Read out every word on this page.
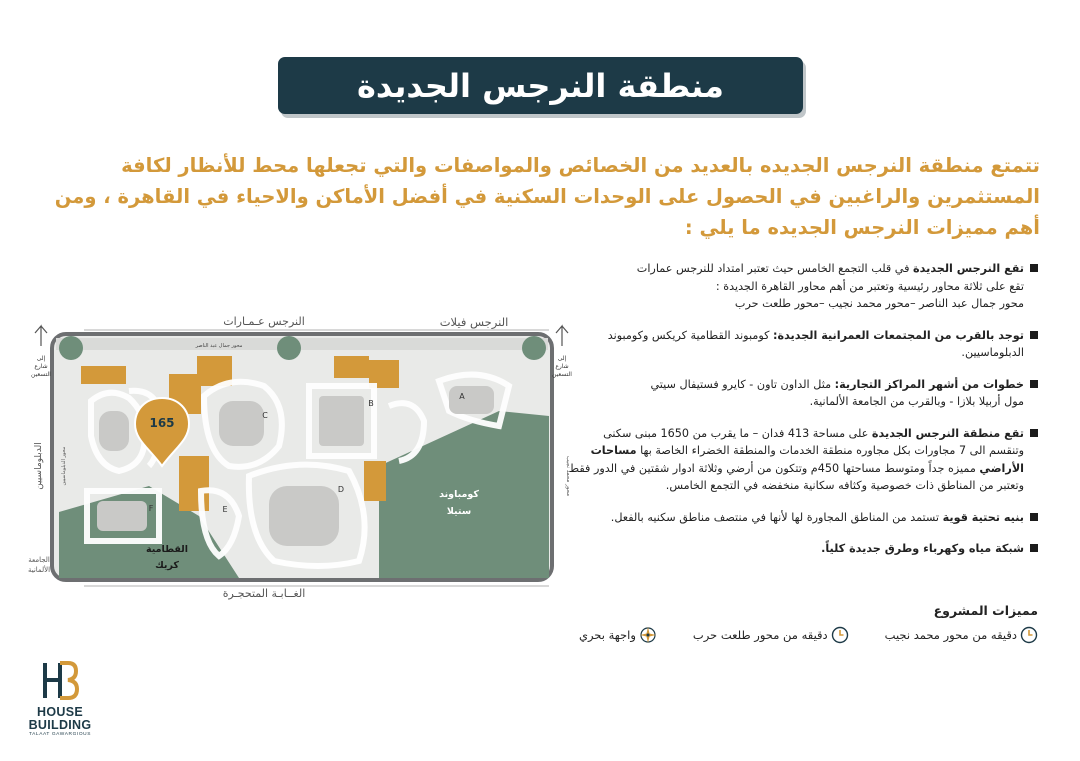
منطقة النرجس الجديدة

تتمتع منطقة النرجس الجديده بالعديد من الخصائص والمواصفات والتي تجعلها محط للأنظار لكافة المستثمرين والراغبين في الحصول على الوحدات السكنية في أفضل الأماكن والاحياء في القاهرة ، ومن أهم مميزات النرجس الجديده ما يلي :

تقع النرجس الجديدة في قلب التجمع الخامس حيث تعتبر امتداد للنرجس عمارات
تقع على ثلاثة محاور رئيسية وتعتبر من أهم محاور القاهرة الجديدة :
محور جمال عبد الناصر –محور محمد نجيب –محور طلعت حرب
توجد بالقرب من المجتمعات العمرانية الجديدة: كومبوند القطامية كريكس وكومبوند الدبلوماسيين.
خطوات من أشهر المراكز التجارية: مثل الداون تاون - كايرو فستيفال سيتي
مول أربيلا بلازا - وبالقرب من الجامعة الألمانية.
تقع منطقة النرجس الجديدة على مساحة 413 فدان – ما يقرب من 1650 مبنى سكنى وتنقسم الى 7 مجاورات بكل مجاوره منطقة الخدمات والمنطقة الخضراء الخاصة بها مساحات الأراضي مميزه جداً ومتوسط مساحتها 450م وتتكون من أرضي وثلاثة ادوار شقتين في الدور فقط وتعتبر من المناطق ذات خصوصية وكثافه سكانية منخفضه في التجمع الخامس.
بنيه تحتية قوية تستمد من المناطق المجاورة لها لأنها في منتصف مناطق سكنيه بالفعل.
شبكة مياه وكهرباء وطرق جديدة كلياً.
مميزات المشروع
دقيقه من محور محمد نجيب
دقيقه من محور طلعت حرب
واجهة بحري
النرجس عـمـارات	النرجس فيلات
محور جمال عبد الناصر
A
B
C
D
E
F
القطامية
كريك
كومباوند
ستيلا
الدبلوماسيين	محور الدبلوماسيين	محور محمد نجيب
إلى
شارع
التسعين
إلى
شارع
التسعين
الجامعة
الألمانية
الغــابـة المتحجـرة
165
HOUSE
BUILDING
TALAAT GAWARGIOUS
